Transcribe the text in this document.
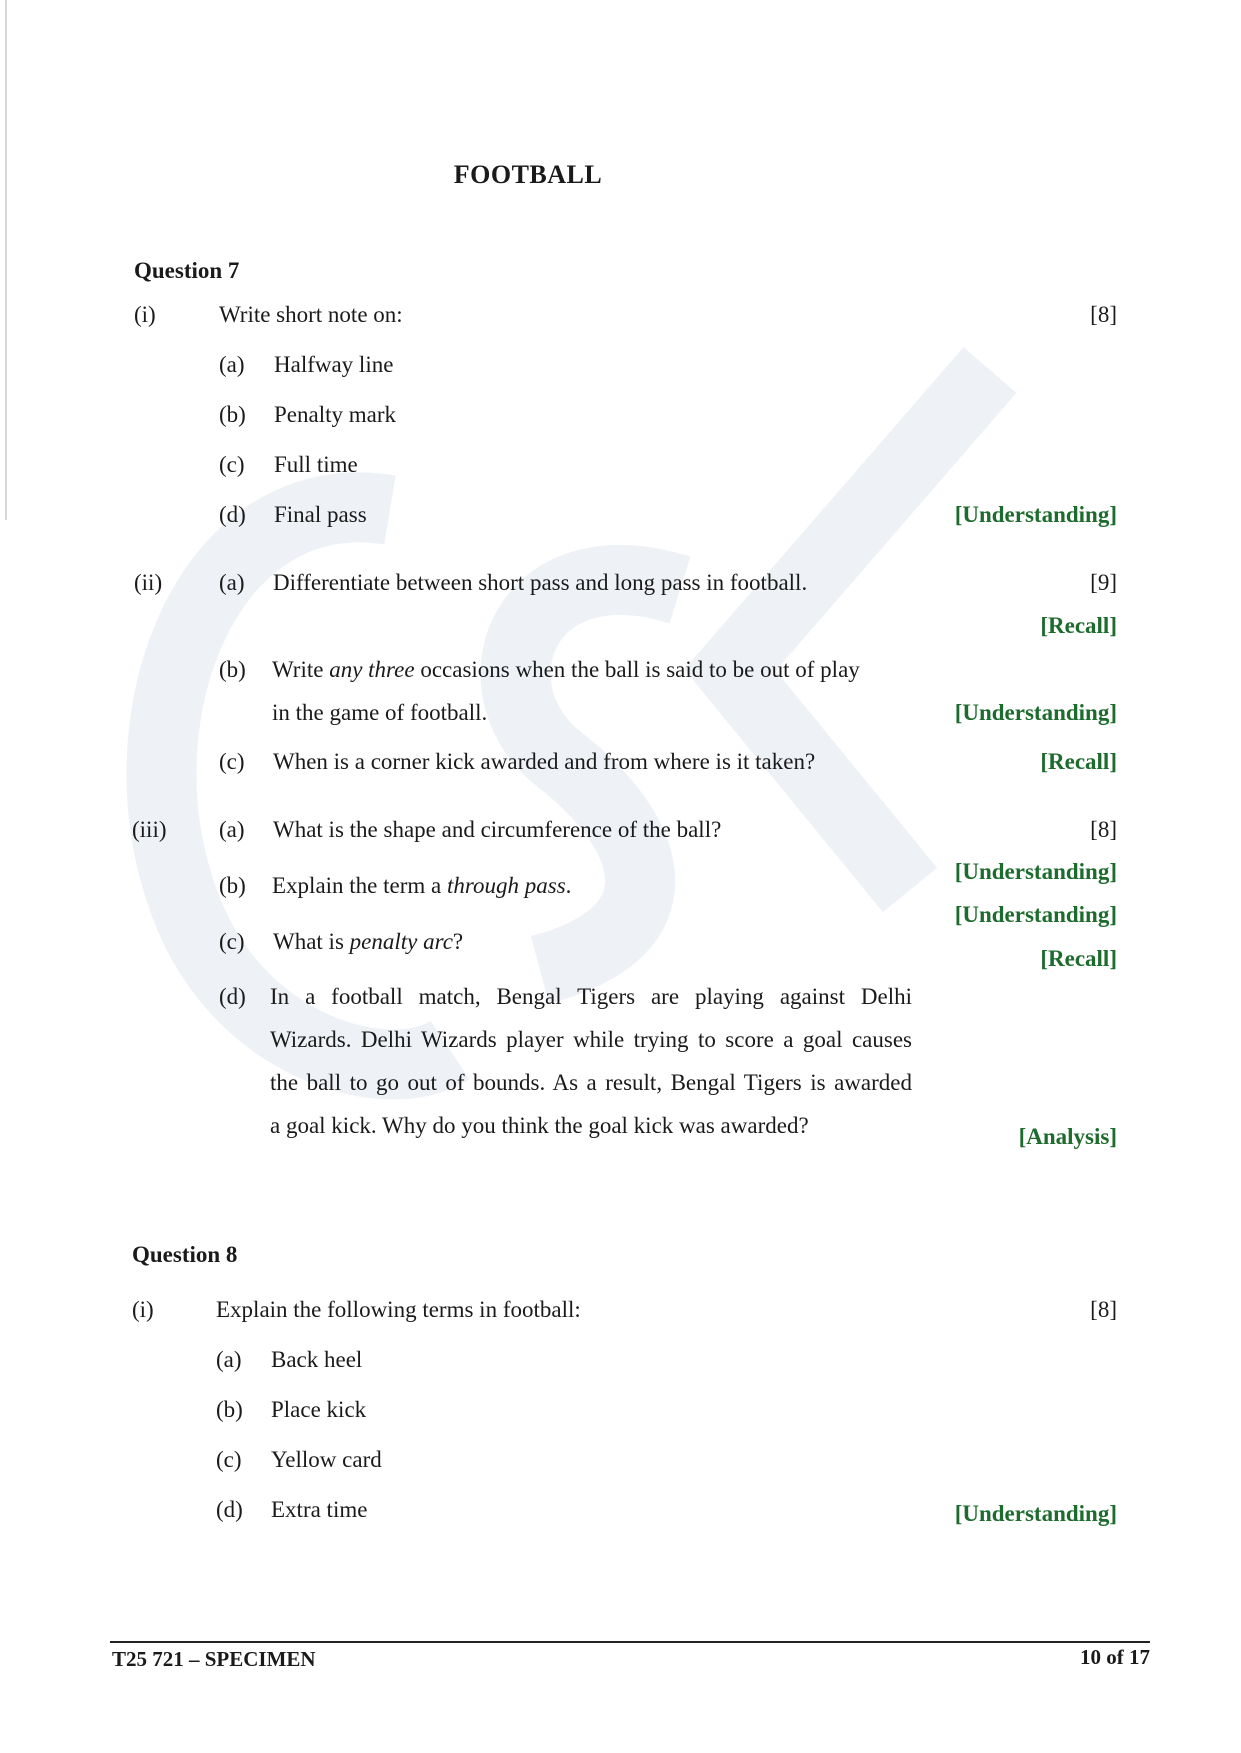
FOOTBALL
Question 7
(i)	Write short note on:	[8]
(a) Halfway line
(b) Penalty mark
(c) Full time
(d) Final pass	[Understanding]
(ii) (a) Differentiate between short pass and long pass in football.	[9]
[Recall]
(b) Write any three occasions when the ball is said to be out of play
in the game of football.	[Understanding]
(c) When is a corner kick awarded and from where is it taken?	[Recall]
(iii) (a) What is the shape and circumference of the ball?	[8]
[Understanding]
(b) Explain the term a through pass.
[Understanding]
(c) What is penalty arc?
[Recall]
(d) In a football match, Bengal Tigers are playing against Delhi
Wizards. Delhi Wizards player while trying to score a goal causes
the ball to go out of bounds. As a result, Bengal Tigers is awarded
a goal kick. Why do you think the goal kick was awarded?	[Analysis]
Question 8
(i)	Explain the following terms in football:	[8]
(a) Back heel
(b) Place kick
(c) Yellow card
(d) Extra time	[Understanding]
T25 721 – SPECIMEN	10 of 17
